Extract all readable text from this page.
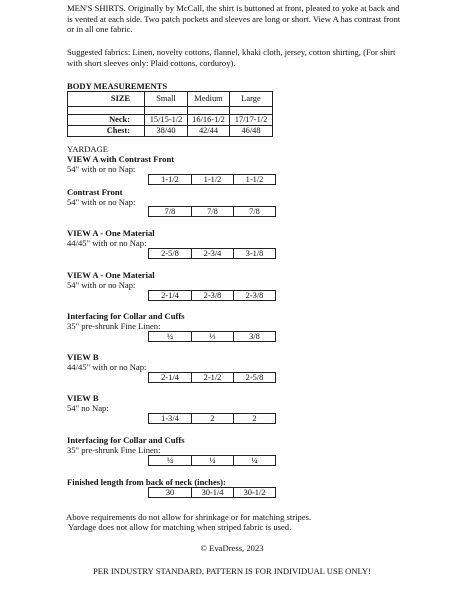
MEN'S SHIRTS. Originally by McCall, the shirt is buttoned at front, pleated to yoke at back and is vented at each side. Two patch pockets and sleeves are long or short. View A has contrast front or in all one fabric.
Suggested fabrics: Linen, novelty cottons, flannel, khaki cloth, jersey, cotton shirting, (For shirt with short sleeves only: Plaid cottons, corduroy).
BODY MEASUREMENTS
SIZE	Small	Medium	Large

Neck:	15/15-1/2	16/16-1/2	17/17-1/2
Chest:	38/40	42/44	46/48
YARDAGE
VIEW A with Contrast Front
54" with or no Nap:
1-1/2	1-1/2	1-1/2
Contrast Front
54" with or no Nap:
7/8	7/8	7/8
VIEW A - One Material
44/45" with or no Nap:
2-5/8	2-3/4	3-1/8
VIEW A - One Material
54" with or no Nap:
2-1/4	2-3/8	2-3/8
Interfacing for Collar and Cuffs
35" pre-shrunk Fine Linen:
¼	⅓	3/8
VIEW B
44/45" with or no Nap:
2-1/4	2-1/2	2-5/8
VIEW B
54" no Nap:
1-3/4	2	2
Interfacing for Collar and Cuffs
35" pre-shrunk Fine Linen:
¼	¼	¼
Finished length from back of neck (inches):
30	30-1/4	30-1/2
Above requirements do not allow for shrinkage or for matching stripes.
Yardage does not allow for matching when striped fabric is used.
© EvaDress, 2023
PER INDUSTRY STANDARD, PATTERN IS FOR INDIVIDUAL USE ONLY!
